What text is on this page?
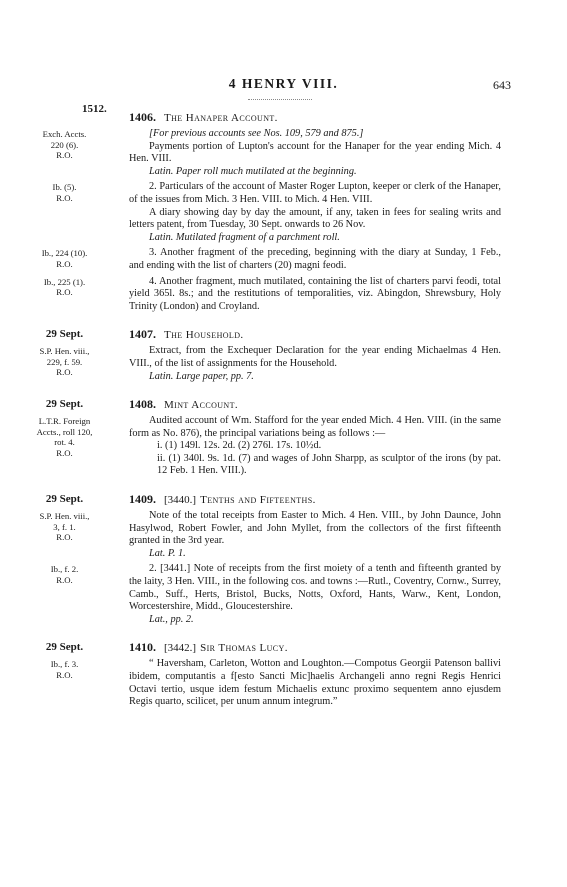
4 HENRY VIII.	643
1512.
1406. The Hanaper Account.
Exch. Accts.
220 (6).
R.O.
[For previous accounts see Nos. 109, 579 and 875.]
Payments portion of Lupton's account for the Hanaper for the year ending Mich. 4 Hen. VIII.
Latin. Paper roll much mutilated at the beginning.
Ib. (5).
R.O.
2. Particulars of the account of Master Roger Lupton, keeper or clerk of the Hanaper, of the issues from Mich. 3 Hen. VIII. to Mich. 4 Hen. VIII.
A diary showing day by day the amount, if any, taken in fees for sealing writs and letters patent, from Tuesday, 30 Sept. onwards to 26 Nov.
Latin. Mutilated fragment of a parchment roll.
Ib., 224 (10).
R.O.
3. Another fragment of the preceding, beginning with the diary at Sunday, 1 Feb., and ending with the list of charters (20) magni feodi.
Ib., 225 (1).
R.O.
4. Another fragment, much mutilated, containing the list of charters parvi feodi, total yield 365l. 8s.; and the restitutions of temporalities, viz. Abingdon, Shrewsbury, Holy Trinity (London) and Croyland.
29 Sept.	1407. The Household.
S.P. Hen. viii.,
229, f. 59.
R.O.
Extract, from the Exchequer Declaration for the year ending Michaelmas 4 Hen. VIII., of the list of assignments for the Household.
Latin. Large paper, pp. 7.
29 Sept.	1408. Mint Account.
L.T.R. Foreign
Accts., roll 120,
rot. 4.
R.O.
Audited account of Wm. Stafford for the year ended Mich. 4 Hen. VIII. (in the same form as No. 876), the principal variations being as follows :—
i. (1) 149l. 12s. 2d. (2) 276l. 17s. 10½d.
ii. (1) 340l. 9s. 1d. (7) and wages of John Sharpp, as sculptor of the irons (by pat. 12 Feb. 1 Hen. VIII.).
29 Sept.	1409. [3440.] Tenths and Fifteenths.
S.P. Hen. viii.,
3, f. 1.
R.O.
Note of the total receipts from Easter to Mich. 4 Hen. VIII., by John Daunce, John Hasylwod, Robert Fowler, and John Myllet, from the collectors of the first fifteenth granted in the 3rd year.
Lat. P. 1.
Ib., f. 2.
R.O.
2. [3441.] Note of receipts from the first moiety of a tenth and fifteenth granted by the laity, 3 Hen. VIII., in the following cos. and towns :—Rutl., Coventry, Cornw., Surrey, Camb., Suff., Herts, Bristol, Bucks, Notts, Oxford, Hants, Warw., Kent, London, Worcestershire, Midd., Gloucestershire.
Lat., pp. 2.
29 Sept.	1410. [3442.] Sir Thomas Lucy.
Ib., f. 3.
R.O.
“ Haversham, Carleton, Wotton and Loughton.—Compotus Georgii Patenson ballivi ibidem, computantis a f[esto Sancti Mic]haelis Archangeli anno regni Regis Henrici Octavi tertio, usque idem festum Michaelis extunc proximo sequentem anno ejusdem Regis quarto, scilicet, per unum annum integrum.”
